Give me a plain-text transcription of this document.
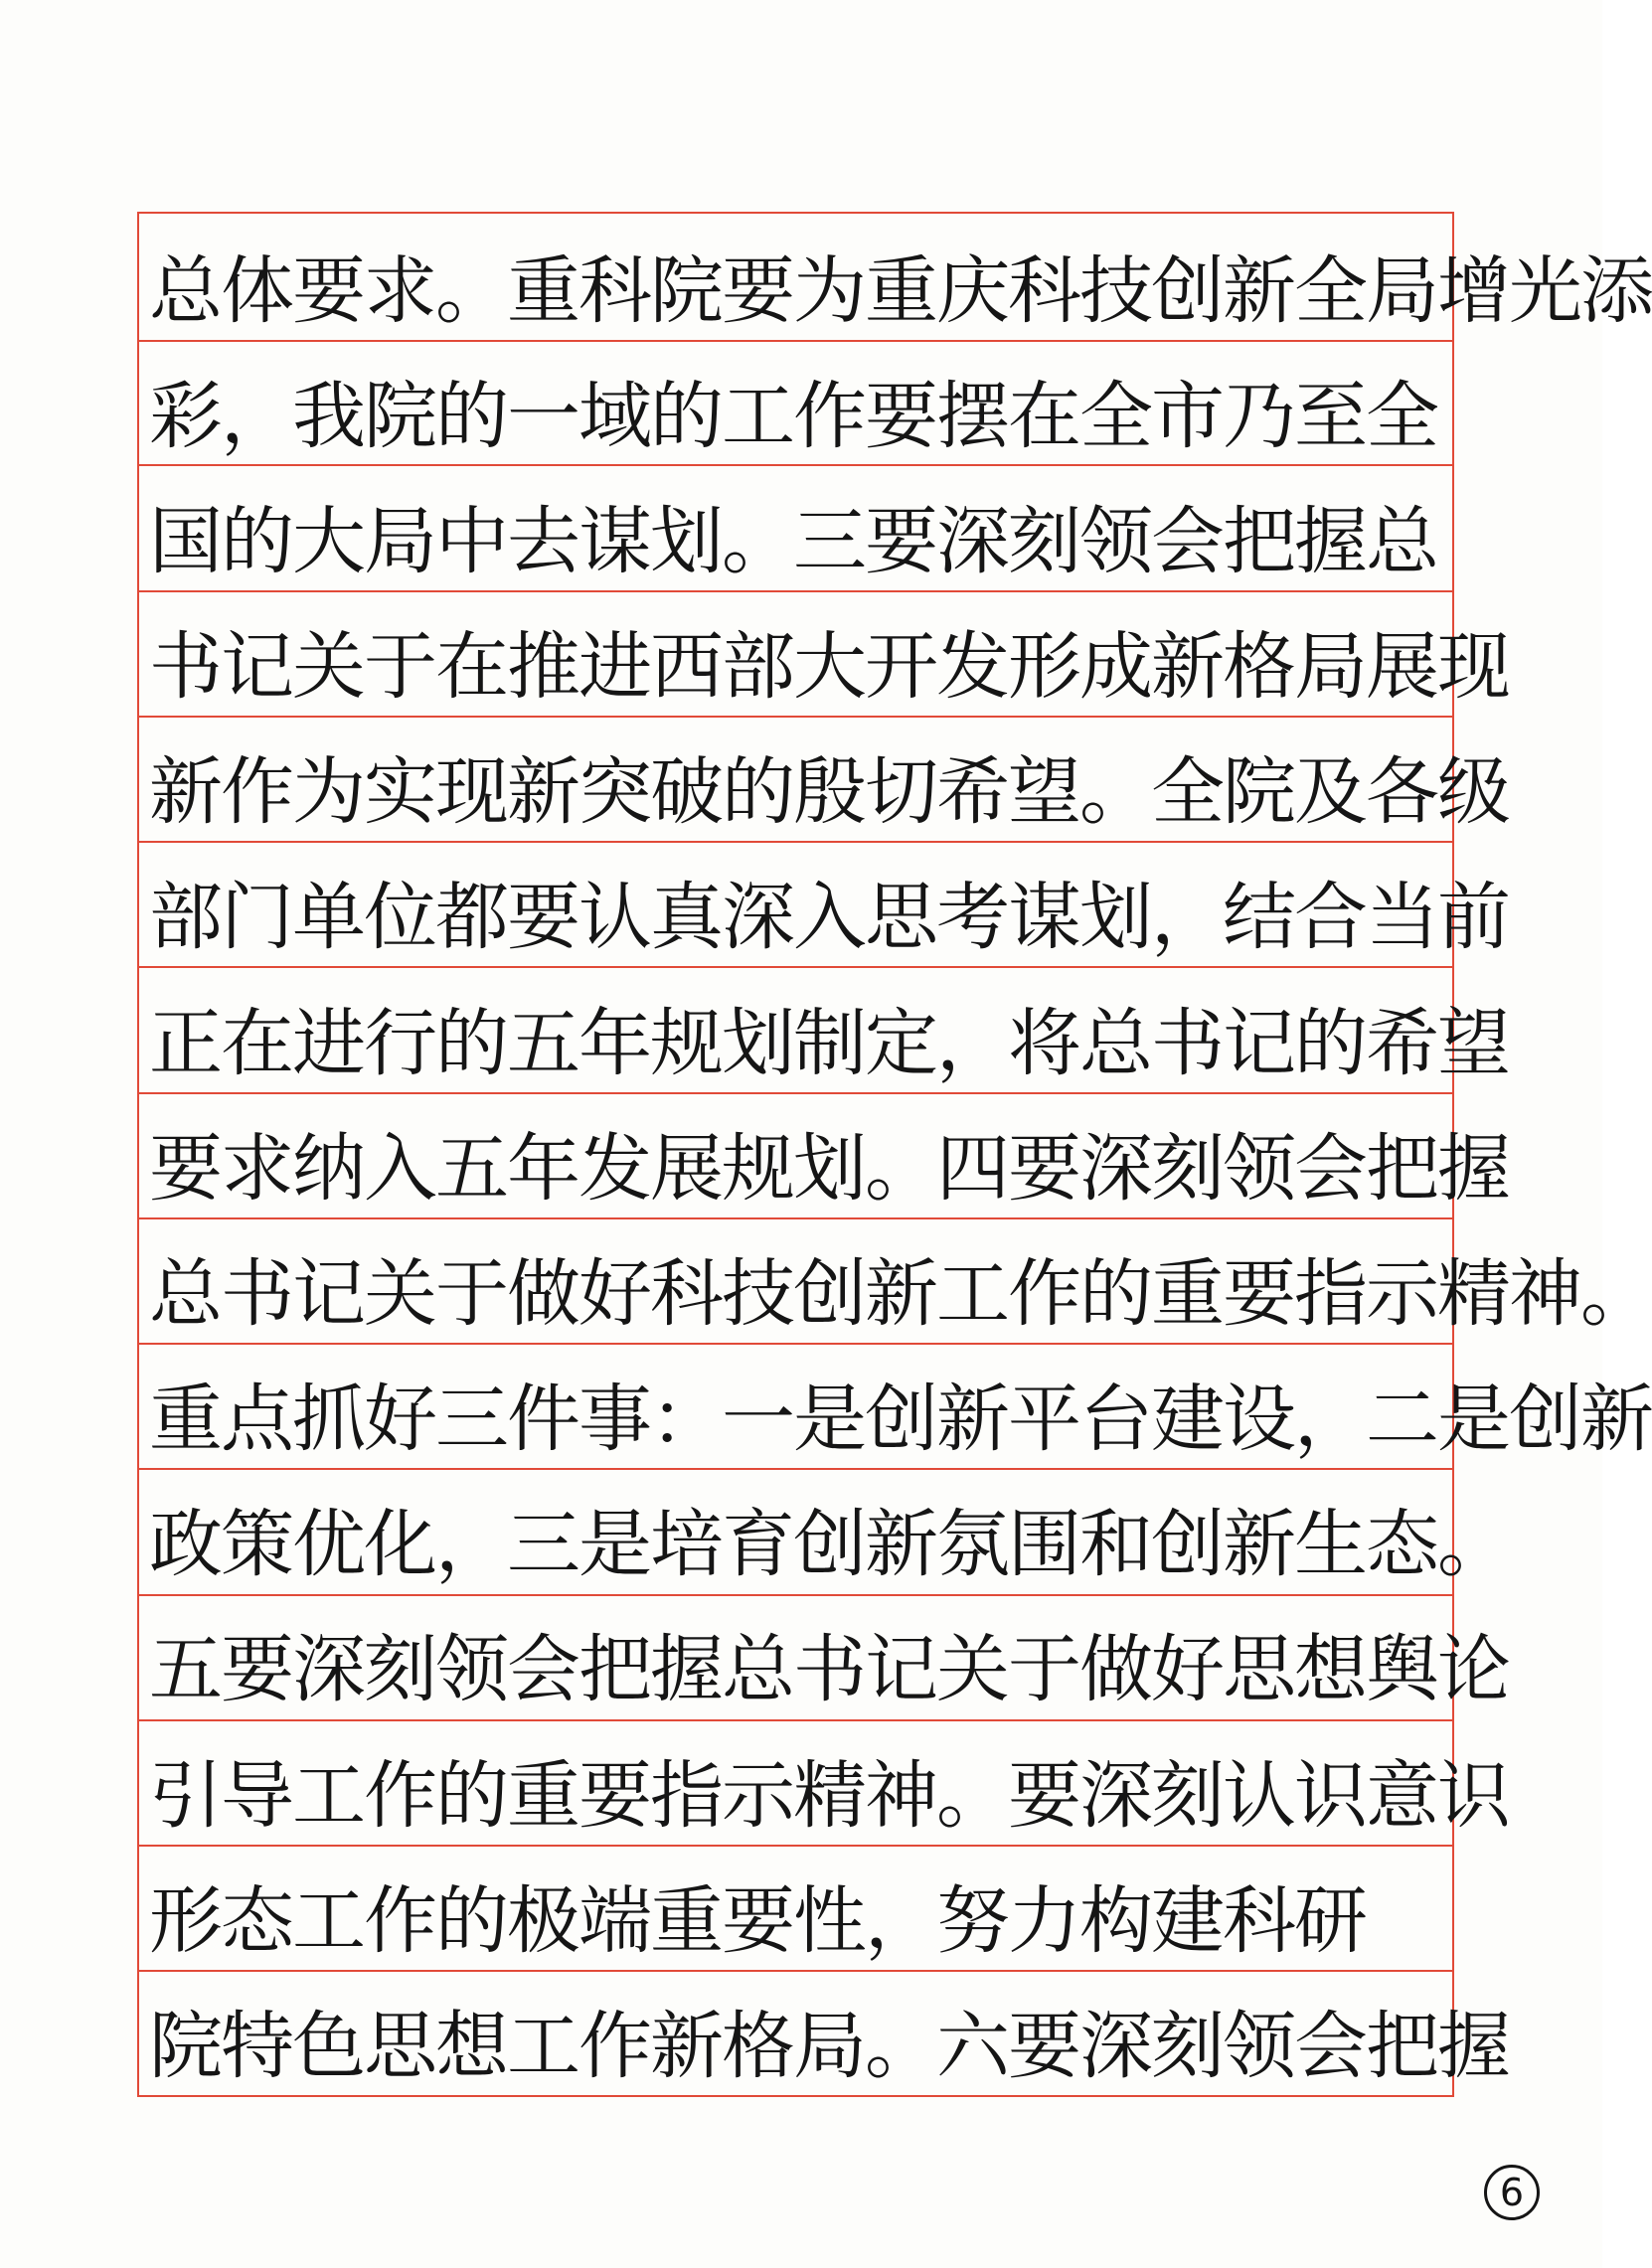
总体要求。重科院要为重庆科技创新全局增光添
彩，我院的一域的工作要摆在全市乃至全
国的大局中去谋划。三要深刻领会把握总
书记关于在推进西部大开发形成新格局展现
新作为实现新突破的殷切希望。全院及各级
部门单位都要认真深入思考谋划，结合当前
正在进行的五年规划制定，将总书记的希望
要求纳入五年发展规划。四要深刻领会把握
总书记关于做好科技创新工作的重要指示精神。
重点抓好三件事：一是创新平台建设，二是创新
政策优化，三是培育创新氛围和创新生态。
五要深刻领会把握总书记关于做好思想舆论
引导工作的重要指示精神。要深刻认识意识
形态工作的极端重要性，努力构建科研
院特色思想工作新格局。六要深刻领会把握
6
